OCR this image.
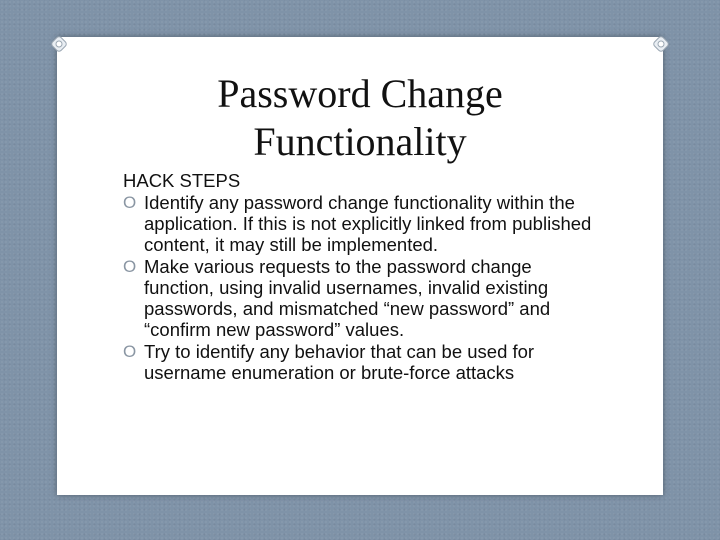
Password Change
Functionality
HACK STEPS
O Identify any password change functionality within the application. If this is not explicitly linked from published content, it may still be implemented.
O Make various requests to the password change function, using invalid usernames, invalid existing passwords, and mismatched “new password” and “confirm new password” values.
O Try to identify any behavior that can be used for username enumeration or brute-force attacks
